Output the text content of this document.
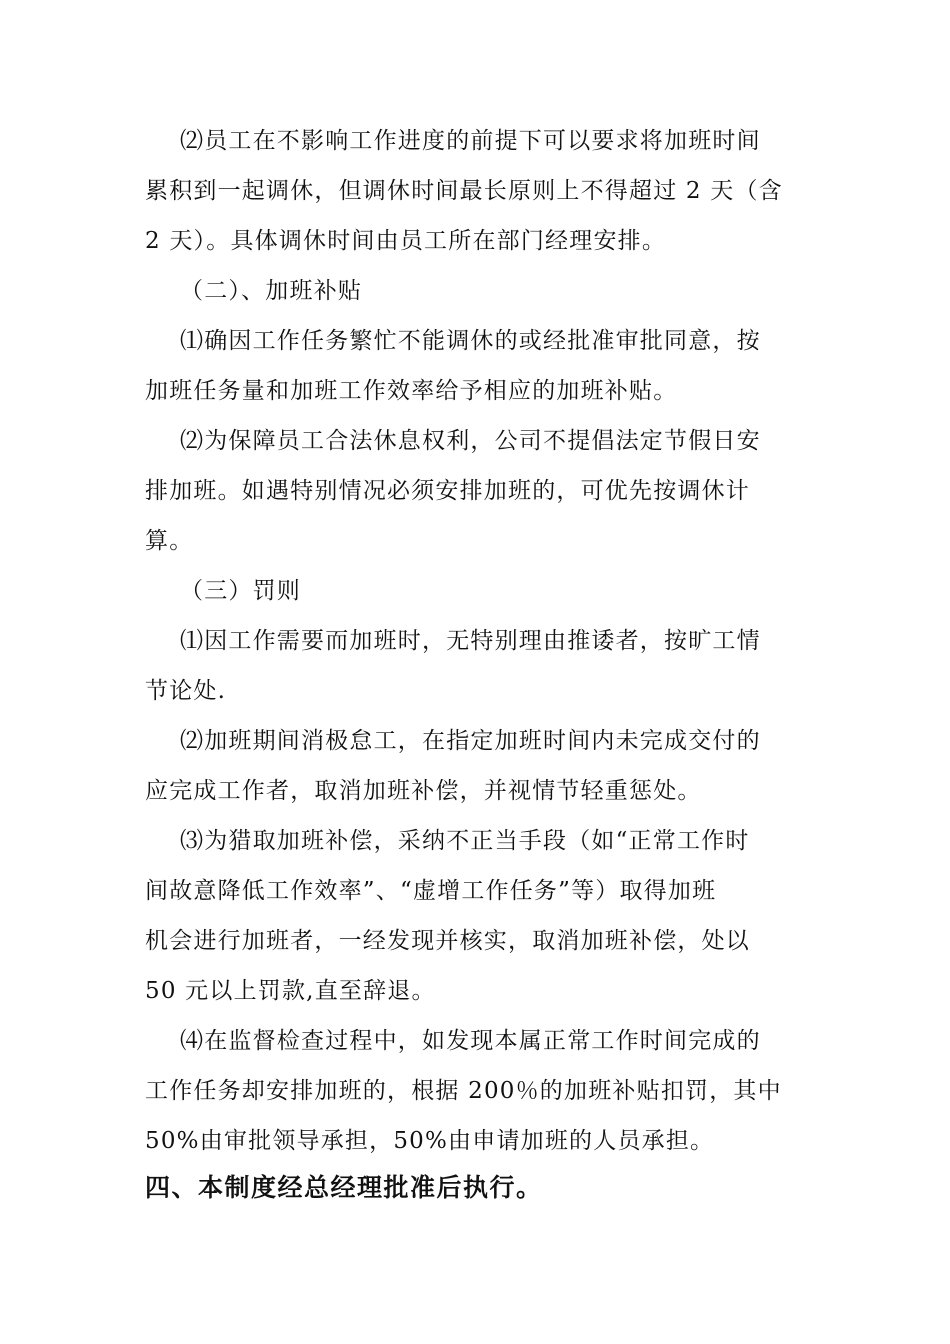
⑵员工在不影响工作进度的前提下可以要求将加班时间
累积到一起调休，但调休时间最长原则上不得超过 2 天（含
2 天）。具体调休时间由员工所在部门经理安排。
（二）、加班补贴
⑴确因工作任务繁忙不能调休的或经批准审批同意，按
加班任务量和加班工作效率给予相应的加班补贴。
⑵为保障员工合法休息权利，公司不提倡法定节假日安
排加班。如遇特别情况必须安排加班的，可优先按调休计
算。
（三）罚则
⑴因工作需要而加班时，无特别理由推诿者，按旷工情
节论处.
⑵加班期间消极怠工，在指定加班时间内未完成交付的
应完成工作者，取消加班补偿，并视情节轻重惩处。
⑶为猎取加班补偿，采纳不正当手段（如“正常工作时
间故意降低工作效率”、“虚增工作任务”等）取得加班
机会进行加班者，一经发现并核实，取消加班补偿，处以
50 元以上罚款,直至辞退。
⑷在监督检查过程中，如发现本属正常工作时间完成的
工作任务却安排加班的，根据 200％的加班补贴扣罚，其中
50%由审批领导承担，50%由申请加班的人员承担。
四、本制度经总经理批准后执行。
